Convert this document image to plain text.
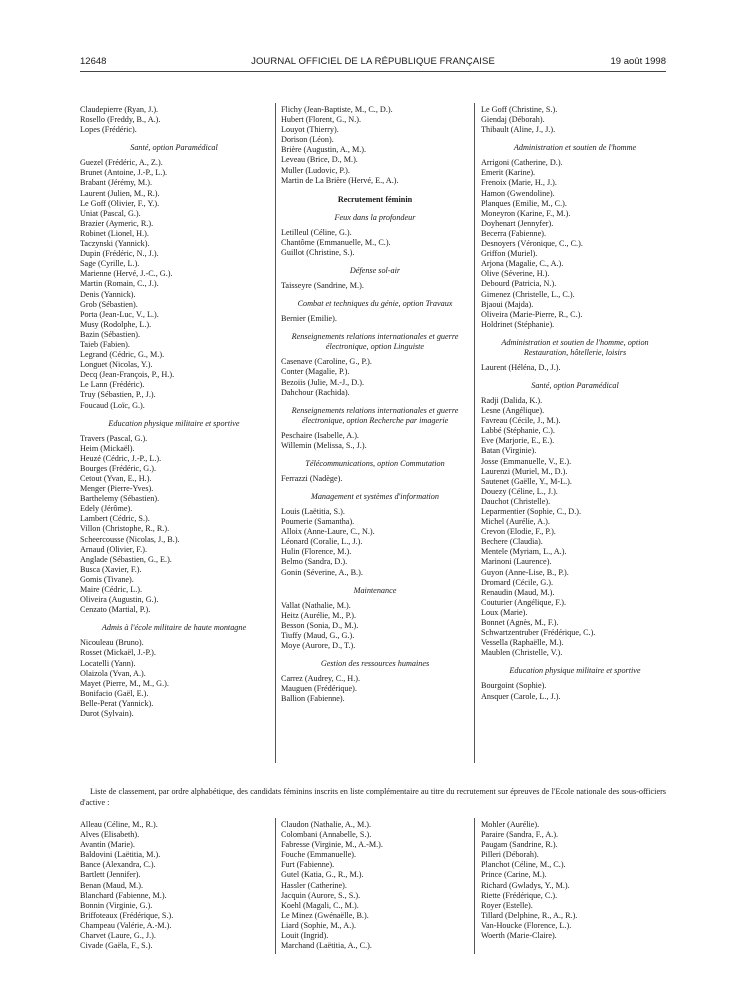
12648	JOURNAL OFFICIEL DE LA RÉPUBLIQUE FRANÇAISE	19 août 1998
Claudepierre (Ryan, J.).
Rosello (Freddy, B., A.).
Lopes (Frédéric).
Santé, option Paramédical
Guezel (Frédéric, A., Z.).
Brunet (Antoine, J.-P., L.).
Brabant (Jérémy, M.).
Laurent (Julien, M., R.).
Le Goff (Olivier, F., Y.).
Uniat (Pascal, G.).
Brazier (Aymeric, R.).
Robinet (Lionel, H.).
Taczynski (Yannick).
Dupin (Frédéric, N., J.).
Sage (Cyrille, L.).
Marienne (Hervé, J.-C., G.).
Martin (Romain, C., J.).
Denis (Yannick).
Grob (Sébastien).
Porta (Jean-Luc, V., L.).
Musy (Rodolphe, L.).
Bazin (Sébastien).
Taieb (Fabien).
Legrand (Cédric, G., M.).
Longuet (Nicolas, Y.).
Decq (Jean-François, P., H.).
Le Lann (Frédéric).
Truy (Sébastien, P., J.).
Foucaud (Loïc, G.).
Education physique militaire et sportive
Travers (Pascal, G.).
Heim (Mickaël).
Heuzé (Cédric, J.-P., L.).
Bourges (Frédéric, G.).
Cetout (Yvan, E., H.).
Menger (Pierre-Yves).
Barthelemy (Sébastien).
Edely (Jérôme).
Lambert (Cédric, S.).
Villon (Christophe, R., R.).
Scheercousse (Nicolas, J., B.).
Arnaud (Olivier, F.).
Anglade (Sébastien, G., E.).
Busca (Xavier, F.).
Gomis (Tivane).
Maire (Cédric, L.).
Oliveira (Augustin, G.).
Cenzato (Martial, P.).
Admis à l'école militaire de haute montagne
Nicouleau (Bruno).
Rosset (Mickaël, J.-P.).
Locatelli (Yann).
Olaizola (Yvan, A.).
Mayet (Pierre, M., M., G.).
Bonifacio (Gaël, E.).
Belle-Perat (Yannick).
Durot (Sylvain).
Flichy (Jean-Baptiste, M., C., D.).
Hubert (Florent, G., N.).
Louyot (Thierry).
Dorison (Léon).
Brière (Augustin, A., M.).
Leveau (Brice, D., M.).
Muller (Ludovic, P.).
Martin de La Brière (Hervé, E., A.).
Recrutement féminin
Feux dans la profondeur
Letilleul (Céline, G.).
Chantôme (Emmanuelle, M., C.).
Guillot (Christine, S.).
Défense sol-air
Taisseyre (Sandrine, M.).
Combat et techniques du génie, option Travaux
Bernier (Emilie).
Renseignements relations internationales et guerre électronique, option Linguiste
Casenave (Caroline, G., P.).
Conter (Magalie, P.).
Bezoiis (Julie, M.-J., D.).
Dahchour (Rachida).
Renseignements relations internationales et guerre électronique, option Recherche par imagerie
Peschaire (Isabelle, A.).
Willemin (Melissa, S., J.).
Télécommunications, option Commutation
Ferrazzi (Nadège).
Management et systèmes d'information
Louis (Laëtitia, S.).
Poumerie (Samantha).
Alloix (Anne-Laure, C., N.).
Léonard (Coralie, L., J.).
Hulin (Florence, M.).
Belmo (Sandra, D.).
Gonin (Séverine, A., B.).
Maintenance
Vallat (Nathalie, M.).
Heitz (Aurélie, M., P.).
Besson (Sonia, D., M.).
Tiuffy (Maud, G., G.).
Moye (Aurore, D., T.).
Gestion des ressources humaines
Carrez (Audrey, C., H.).
Mauguen (Frédérique).
Ballion (Fabienne).
Le Goff (Christine, S.).
Giendaj (Déborah).
Thibault (Aline, J., J.).
Administration et soutien de l'homme
Arrigoni (Catherine, D.).
Emerit (Karine).
Frenoix (Marie, H., J.).
Hamon (Gwendoline).
Planques (Emilie, M., C.).
Moneyron (Karine, F., M.).
Doyhenart (Jennyfer).
Becerra (Fabienne).
Desnoyers (Véronique, C., C.).
Griffon (Muriel).
Arjona (Magalie, C., A.).
Olive (Séverine, H.).
Debourd (Patricia, N.).
Gimenez (Christelle, L., C.).
Bjaoui (Majda).
Oliveira (Marie-Pierre, R., C.).
Holdrinet (Stéphanie).
Administration et soutien de l'homme, option Restauration, hôtellerie, loisirs
Laurent (Héléna, D., J.).
Santé, option Paramédical
Radji (Dalida, K.).
Lesne (Angélique).
Favreau (Cécile, J., M.).
Labbé (Stéphanie, C.).
Eve (Marjorie, E., E.).
Batan (Virginie).
Josse (Emmanuelle, V., E.).
Laurenzi (Muriel, M., D.).
Sautenet (Gaëlle, Y., M-L.).
Douezy (Céline, L., J.).
Dauchot (Christelle).
Leparmentier (Sophie, C., D.).
Michel (Aurélie, A.).
Crevon (Elodie, F., P.).
Bechere (Claudia).
Mentele (Myriam, L., A.).
Marinoni (Laurence).
Guyon (Anne-Lise, B., P.).
Dromard (Cécile, G.).
Renaudin (Maud, M.).
Couturier (Angélique, F.).
Loux (Marie).
Bonnet (Agnès, M., F.).
Schwartzentruber (Frédérique, C.).
Vessella (Raphaëlle, M.).
Maublen (Christelle, V.).
Education physique militaire et sportive
Bourgoint (Sophie).
Ansquer (Carole, L., J.).
Liste de classement, par ordre alphabétique, des candidats féminins inscrits en liste complémentaire au titre du recrutement sur épreuves de l'Ecole nationale des sous-officiers d'active :
Alleau (Céline, M., R.).
Alves (Elisabeth).
Avantin (Marie).
Baldovini (Laëtitia, M.).
Bance (Alexandra, C.).
Bartlett (Jennifer).
Benan (Maud, M.).
Blanchard (Fabienne, M.).
Bonnin (Virginie, G.).
Briffoteaux (Frédérique, S.).
Champeau (Valérie, A.-M.).
Charvet (Laure, G., J.).
Civade (Gaëla, F., S.).
Claudon (Nathalie, A., M.).
Colombani (Annabelle, S.).
Fabresse (Virginie, M., A.-M.).
Fouche (Emmanuelle).
Furt (Fabienne).
Gutel (Katia, G., R., M.).
Hassler (Catherine).
Jacquin (Aurore, S., S.).
Koehl (Magali, C., M.).
Le Minez (Gwénaëlle, B.).
Liard (Sophie, M., A.).
Louit (Ingrid).
Marchand (Laëtitia, A., C.).
Mohler (Aurélie).
Paraire (Sandra, F., A.).
Paugam (Sandrine, R.).
Pilleri (Déborah).
Planchot (Céline, M., C.).
Prince (Carine, M.).
Richard (Gwladys, Y., M.).
Riette (Frédérique, C.).
Royer (Estelle).
Tillard (Delphine, R., A., R.).
Van-Houcke (Florence, L.).
Woerth (Marie-Claire).
